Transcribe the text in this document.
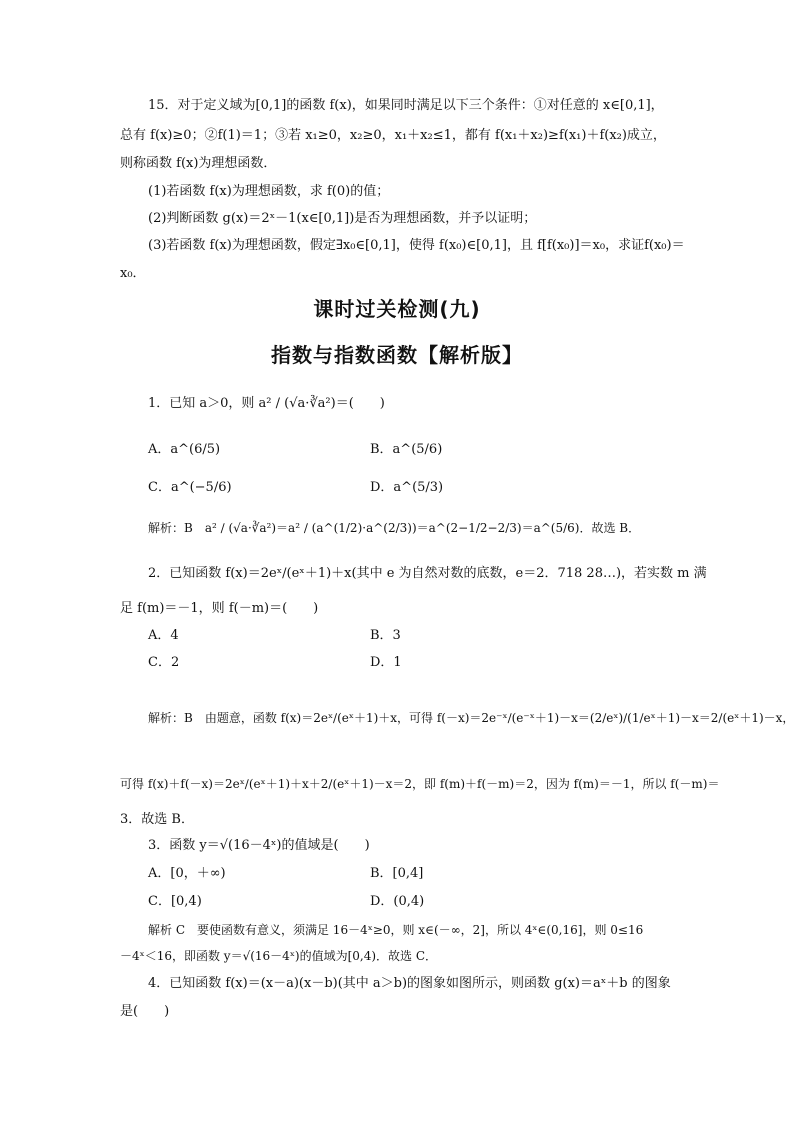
15．对于定义域为[0,1]的函数 f(x)，如果同时满足以下三个条件：①对任意的 x∈[0,1]，
总有 f(x)≥0；②f(1)＝1；③若 x₁≥0，x₂≥0，x₁＋x₂≤1，都有 f(x₁＋x₂)≥f(x₁)＋f(x₂)成立，
则称函数 f(x)为理想函数．
(1)若函数 f(x)为理想函数，求 f(0)的值；
(2)判断函数 g(x)＝2ˣ－1(x∈[0,1])是否为理想函数，并予以证明；
(3)若函数 f(x)为理想函数，假定∃x₀∈[0,1]，使得 f(x₀)∈[0,1]，且 f[f(x₀)]＝x₀，求证f(x₀)＝
x₀．
课时过关检测(九)
指数与指数函数【解析版】
1．已知 a＞0，则 a² ∕ (√a·∛a²)＝(　　)
A．a^(6/5)	B．a^(5/6)
C．a^(−5/6)	D．a^(5/3)
解析：B　a² ∕ (√a·∛a²)＝a² ∕ (a^(1/2)·a^(2/3))＝a^(2−1/2−2/3)＝a^(5/6)．故选 B．
2．已知函数 f(x)＝2eˣ∕(eˣ＋1)＋x(其中 e 为自然对数的底数，e＝2．718 28…)，若实数 m 满
足 f(m)＝－1，则 f(－m)＝(　　)
A．4	B．3
C．2	D．1
解析：B　由题意，函数 f(x)＝2eˣ∕(eˣ＋1)＋x，可得 f(－x)＝2e⁻ˣ∕(e⁻ˣ＋1)－x＝(2∕eˣ)∕(1∕eˣ＋1)－x＝2∕(eˣ＋1)－x，
可得 f(x)＋f(－x)＝2eˣ∕(eˣ＋1)＋x＋2∕(eˣ＋1)－x＝2，即 f(m)＋f(－m)＝2，因为 f(m)＝－1，所以 f(－m)＝
3．故选 B．
3．函数 y＝√(16－4ˣ)的值域是(　　)
A．[0，＋∞)	B．[0,4]
C．[0,4)	D．(0,4)
解析 C　要使函数有意义，须满足 16－4ˣ≥0，则 x∈(－∞，2]，所以 4ˣ∈(0,16]，则 0≤16
－4ˣ＜16，即函数 y＝√(16－4ˣ)的值域为[0,4)．故选 C．
4．已知函数 f(x)＝(x－a)(x－b)(其中 a＞b)的图象如图所示，则函数 g(x)＝aˣ＋b 的图象
是(　　)
